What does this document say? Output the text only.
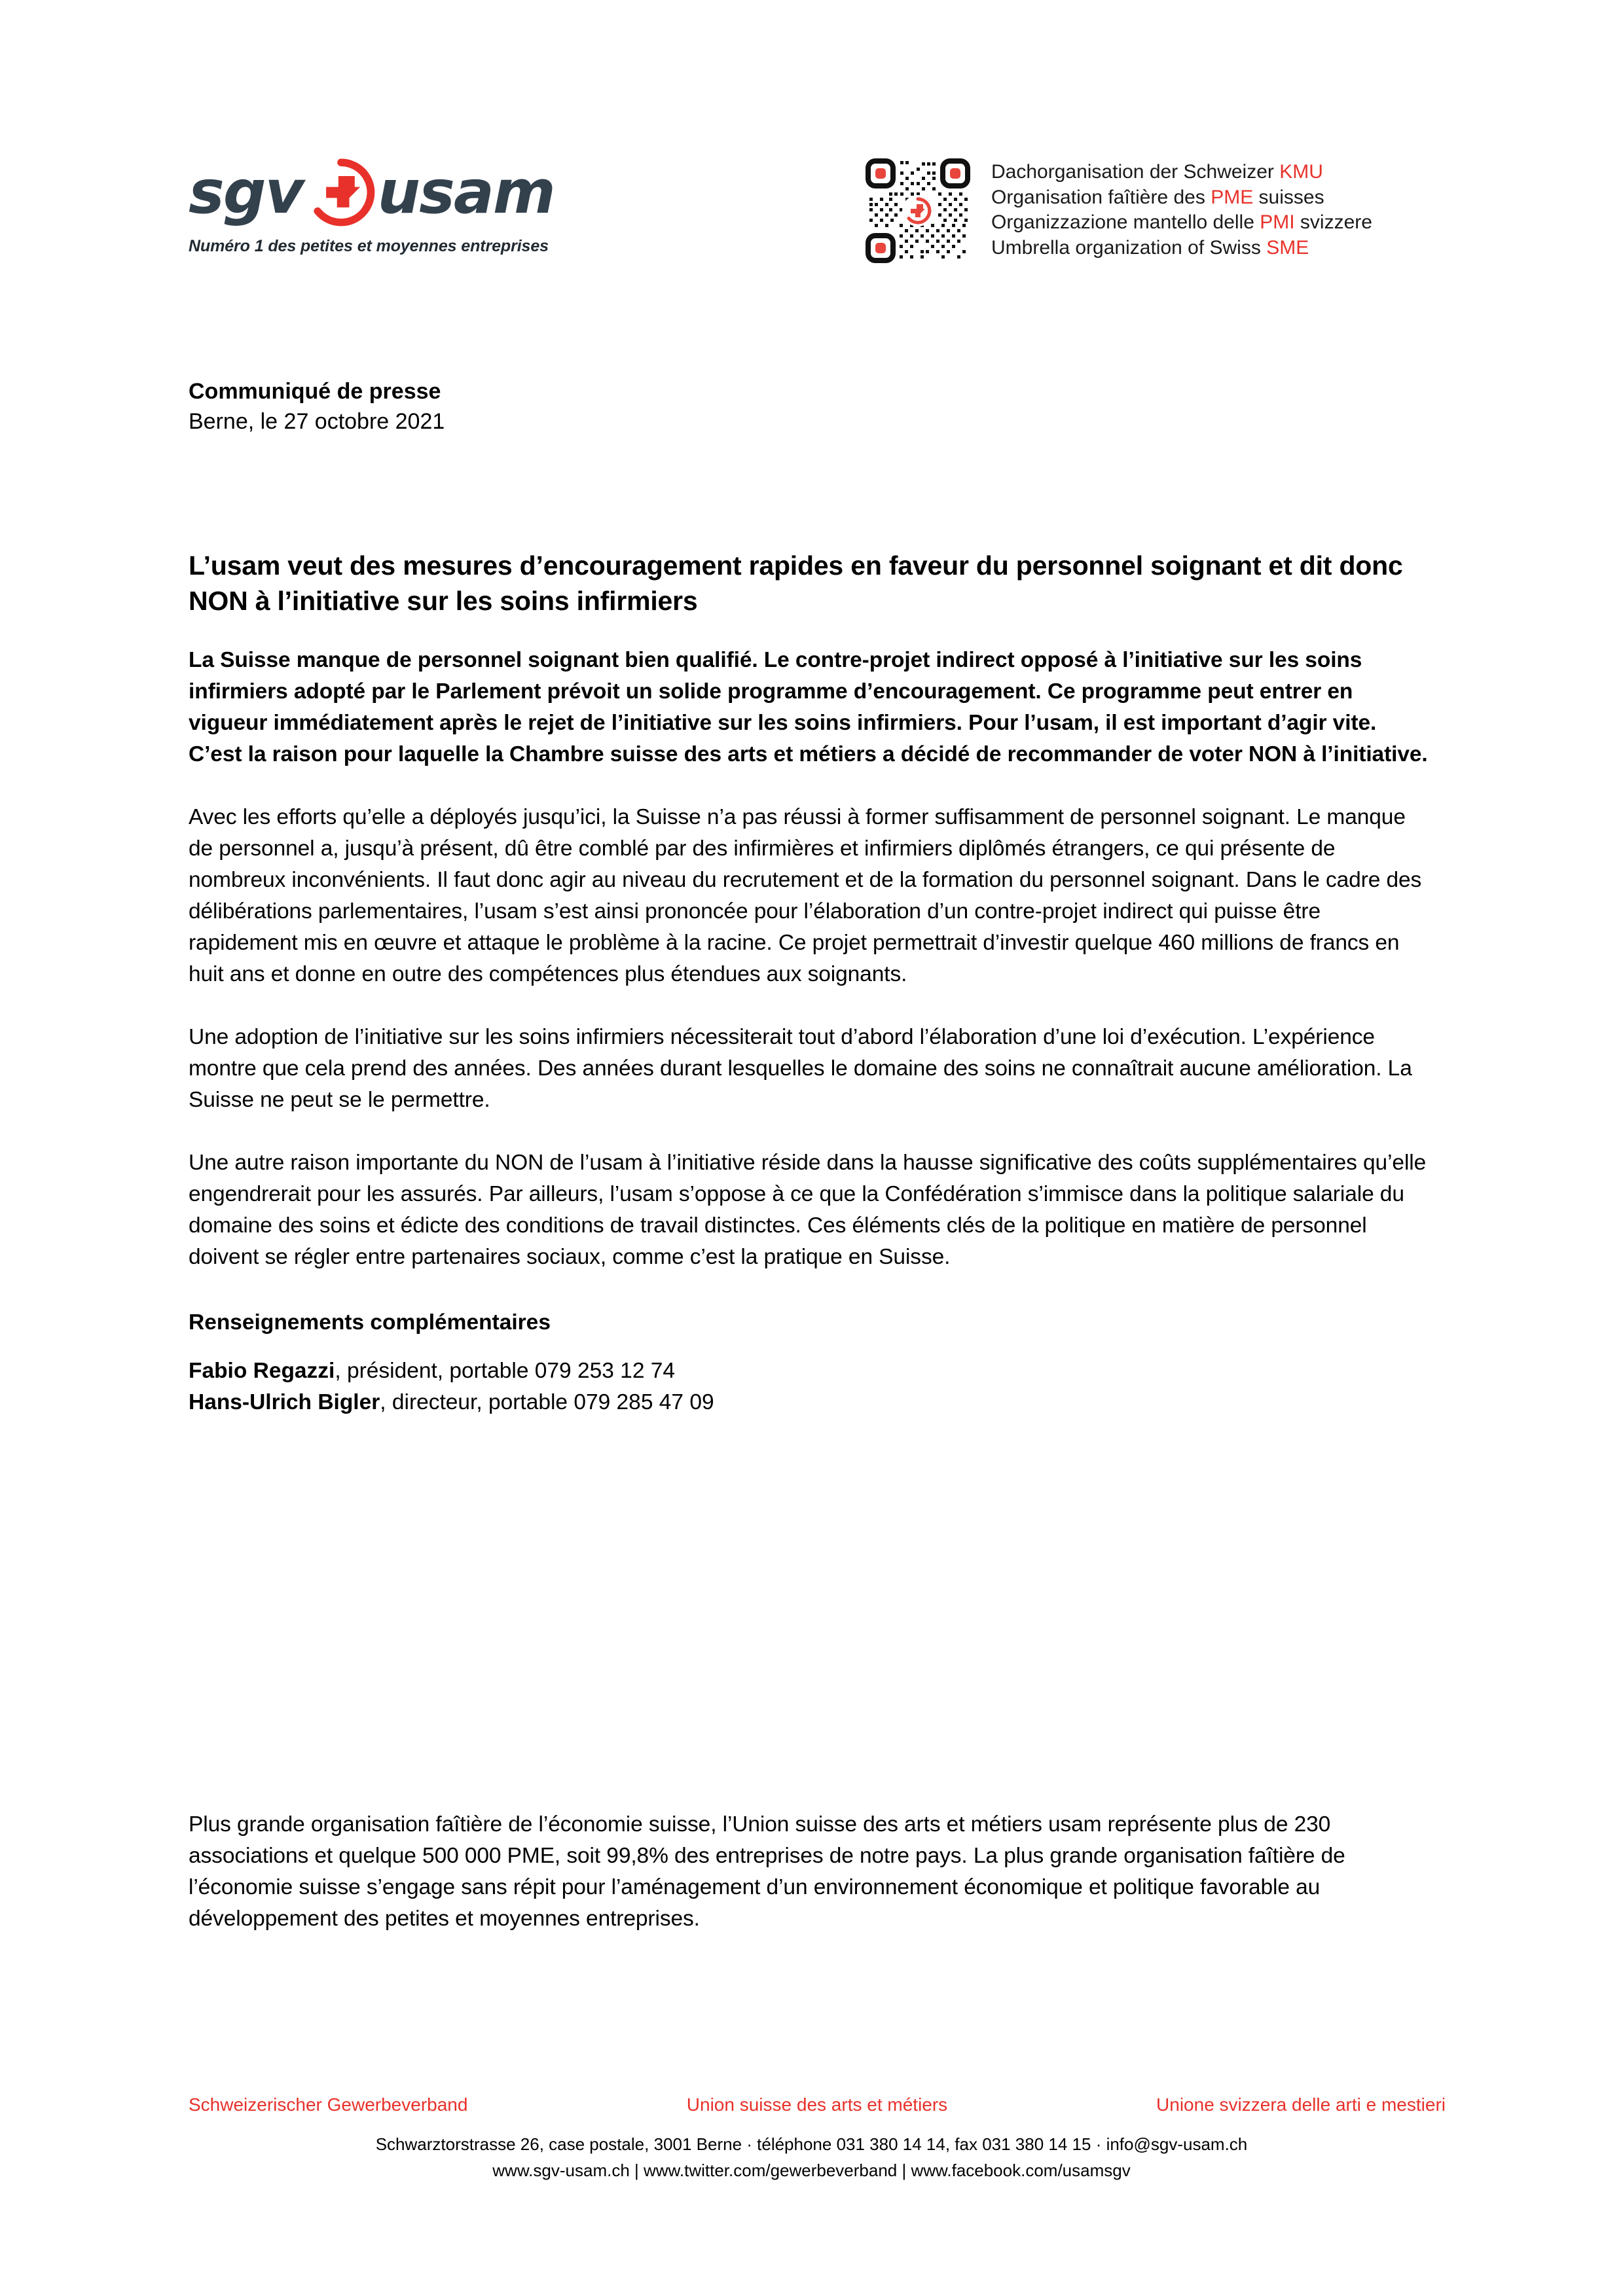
sgv usam
Numéro 1 des petites et moyennes entreprises
Dachorganisation der Schweizer KMU
Organisation faîtière des PME suisses
Organizzazione mantello delle PMI svizzere
Umbrella organization of Swiss SME
Communiqué de presse
Berne, le 27 octobre 2021
L’usam veut des mesures d’encouragement rapides en faveur du personnel soignant et dit donc NON à l’initiative sur les soins infirmiers

La Suisse manque de personnel soignant bien qualifié. Le contre-projet indirect opposé à l’initiative sur les soins infirmiers adopté par le Parlement prévoit un solide programme d’encouragement. Ce programme peut entrer en vigueur immédiatement après le rejet de l’initiative sur les soins infirmiers. Pour l’usam, il est important d’agir vite. C’est la raison pour laquelle la Chambre suisse des arts et métiers a décidé de recommander de voter NON à l’initiative.

Avec les efforts qu’elle a déployés jusqu’ici, la Suisse n’a pas réussi à former suffisamment de personnel soignant. Le manque de personnel a, jusqu’à présent, dû être comblé par des infirmières et infirmiers diplômés étrangers, ce qui présente de nombreux inconvénients. Il faut donc agir au niveau du recrutement et de la formation du personnel soignant. Dans le cadre des délibérations parlementaires, l’usam s’est ainsi prononcée pour l’élaboration d’un contre-projet indirect qui puisse être rapidement mis en œuvre et attaque le problème à la racine. Ce projet permettrait d’investir quelque 460 millions de francs en huit ans et donne en outre des compétences plus étendues aux soignants.

Une adoption de l’initiative sur les soins infirmiers nécessiterait tout d’abord l’élaboration d’une loi d’exécution. L’expérience montre que cela prend des années. Des années durant lesquelles le domaine des soins ne connaîtrait aucune amélioration. La Suisse ne peut se le permettre.

Une autre raison importante du NON de l’usam à l’initiative réside dans la hausse significative des coûts supplémentaires qu’elle engendrerait pour les assurés. Par ailleurs, l’usam s’oppose à ce que la Confédération s’immisce dans la politique salariale du domaine des soins et édicte des conditions de travail distinctes. Ces éléments clés de la politique en matière de personnel doivent se régler entre partenaires sociaux, comme c’est la pratique en Suisse.

Renseignements complémentaires
Fabio Regazzi, président, portable 079 253 12 74
Hans-Ulrich Bigler, directeur, portable 079 285 47 09

Plus grande organisation faîtière de l’économie suisse, l’Union suisse des arts et métiers usam représente plus de 230 associations et quelque 500 000 PME, soit 99,8% des entreprises de notre pays. La plus grande organisation faîtière de l’économie suisse s’engage sans répit pour l’aménagement d’un environnement économique et politique favorable au développement des petites et moyennes entreprises.

Schweizerischer Gewerbeverband	Union suisse des arts et métiers	Unione svizzera delle arti e mestieri
Schwarztorstrasse 26, case postale, 3001 Berne · téléphone 031 380 14 14, fax 031 380 14 15 · info@sgv-usam.ch
www.sgv-usam.ch | www.twitter.com/gewerbeverband | www.facebook.com/usamsgv
